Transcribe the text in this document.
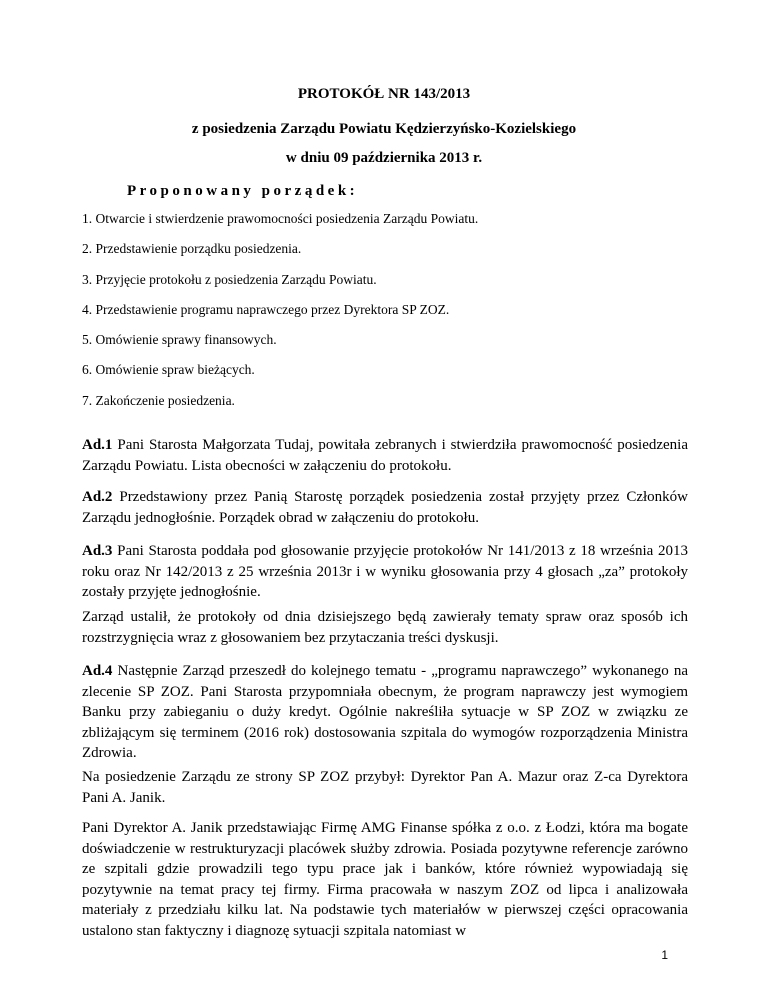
PROTOKÓŁ NR 143/2013

z posiedzenia Zarządu Powiatu Kędzierzyńsko-Kozielskiego

w dniu 09 października 2013 r.

Proponowany porządek:

1. Otwarcie i stwierdzenie prawomocności posiedzenia Zarządu Powiatu.
2. Przedstawienie porządku posiedzenia.
3. Przyjęcie protokołu z posiedzenia Zarządu Powiatu.
4. Przedstawienie programu naprawczego przez Dyrektora SP ZOZ.
5. Omówienie sprawy finansowych.
6. Omówienie spraw bieżących.
7. Zakończenie posiedzenia.

Ad.1 Pani Starosta Małgorzata Tudaj, powitała zebranych i stwierdziła prawomocność posiedzenia Zarządu Powiatu. Lista obecności w załączeniu do protokołu.

Ad.2 Przedstawiony przez Panią Starostę porządek posiedzenia został przyjęty przez Członków Zarządu jednogłośnie. Porządek obrad w załączeniu do protokołu.

Ad.3 Pani Starosta poddała pod głosowanie przyjęcie protokołów Nr 141/2013 z 18 września 2013 roku oraz Nr 142/2013 z 25 września 2013r i w wyniku głosowania przy 4 głosach „za” protokoły zostały przyjęte jednogłośnie.

Zarząd ustalił, że protokoły od dnia dzisiejszego będą zawierały tematy spraw oraz sposób ich rozstrzygnięcia wraz z głosowaniem bez przytaczania treści dyskusji.

Ad.4 Następnie Zarząd przeszedł do kolejnego tematu - „programu naprawczego” wykonanego na zlecenie SP ZOZ. Pani Starosta przypomniała obecnym, że program naprawczy jest wymogiem Banku przy zabieganiu o duży kredyt. Ogólnie nakreśliła sytuacje w SP ZOZ w związku ze zbliżającym się terminem (2016 rok) dostosowania szpitala do wymogów rozporządzenia Ministra Zdrowia.

Na posiedzenie Zarządu ze strony SP ZOZ przybył: Dyrektor Pan A. Mazur oraz Z-ca Dyrektora Pani A. Janik.

Pani Dyrektor A. Janik przedstawiając Firmę AMG Finanse spółka z o.o. z Łodzi, która ma bogate doświadczenie w restrukturyzacji placówek służby zdrowia. Posiada pozytywne referencje zarówno ze szpitali gdzie prowadzili tego typu prace jak i banków, które również wypowiadają się pozytywnie na temat pracy tej firmy. Firma pracowała w naszym ZOZ od lipca i analizowała materiały z przedziału kilku lat. Na podstawie tych materiałów w pierwszej części opracowania ustalono stan faktyczny i diagnozę sytuacji szpitala natomiast w

1
